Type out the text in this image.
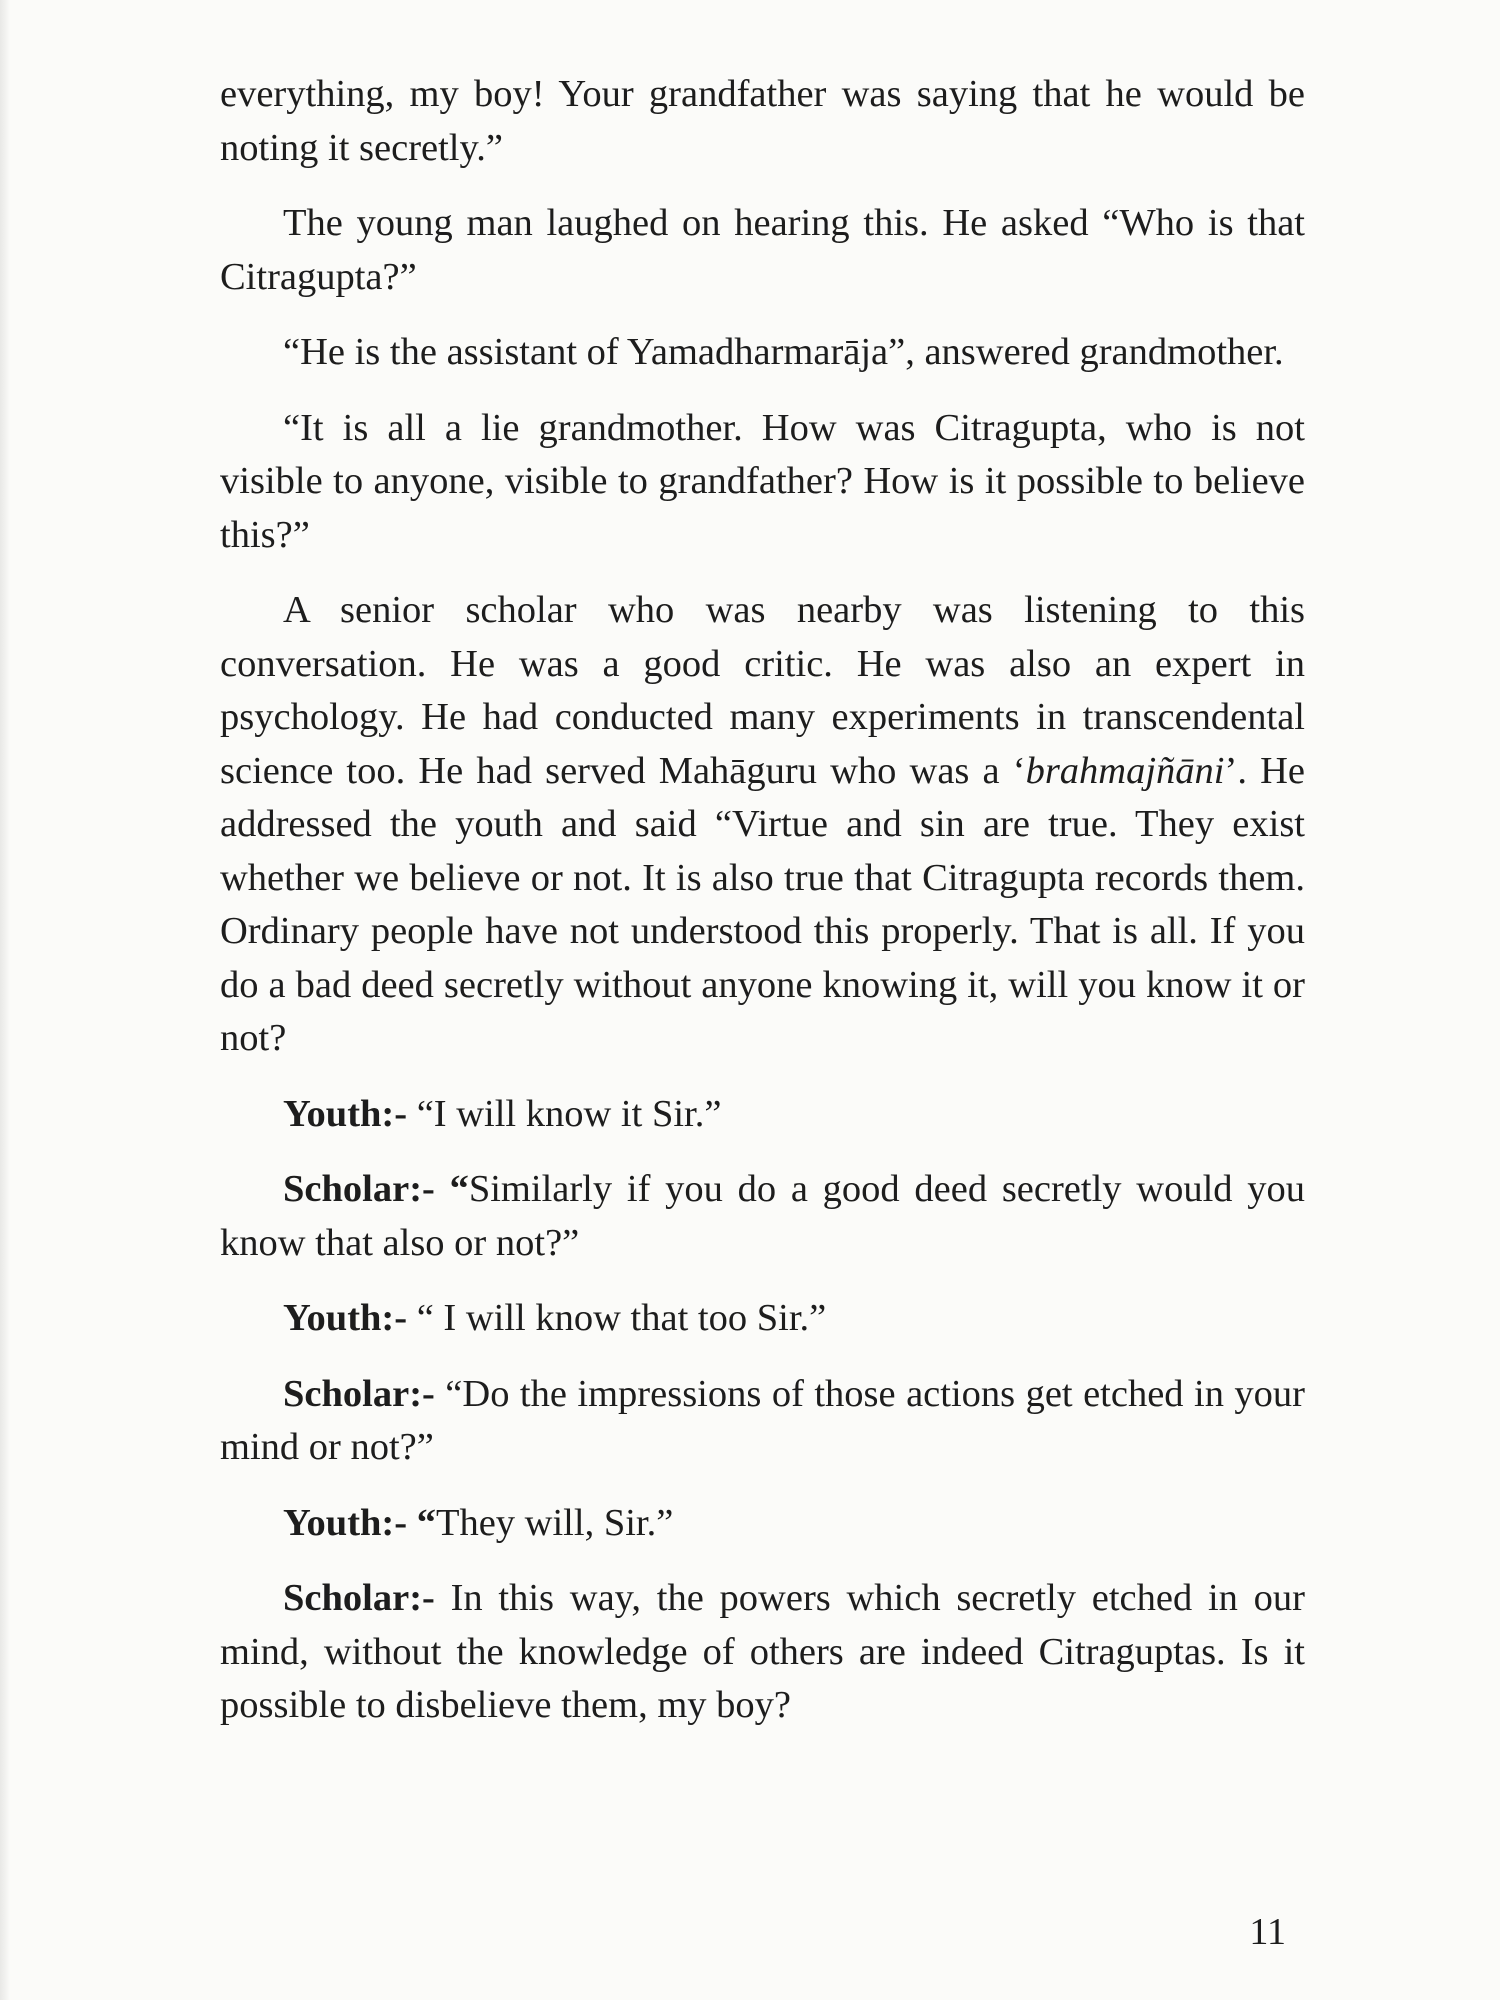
everything, my boy! Your grandfather was saying that he would be noting it secretly.”

The young man laughed on hearing this. He asked “Who is that Citragupta?”

“He is the assistant of Yamadharmarāja”, answered grandmother.

“It is all a lie grandmother. How was Citragupta, who is not visible to anyone, visible to grandfather? How is it possible to believe this?”

A senior scholar who was nearby was listening to this conversation. He was a good critic. He was also an expert in psychology. He had conducted many experiments in transcendental science too. He had served Mahāguru who was a ‘brahmajñāni’. He addressed the youth and said “Virtue and sin are true. They exist whether we believe or not. It is also true that Citragupta records them. Ordinary people have not understood this properly. That is all. If you do a bad deed secretly without anyone knowing it, will you know it or not?

Youth:- “I will know it Sir.”

Scholar:- “Similarly if you do a good deed secretly would you know that also or not?”

Youth:- “ I will know that too Sir.”

Scholar:- “Do the impressions of those actions get etched in your mind or not?”

Youth:- “They will, Sir.”

Scholar:- In this way, the powers which secretly etched in our mind, without the knowledge of others are indeed Citraguptas. Is it possible to disbelieve them, my boy?

11
